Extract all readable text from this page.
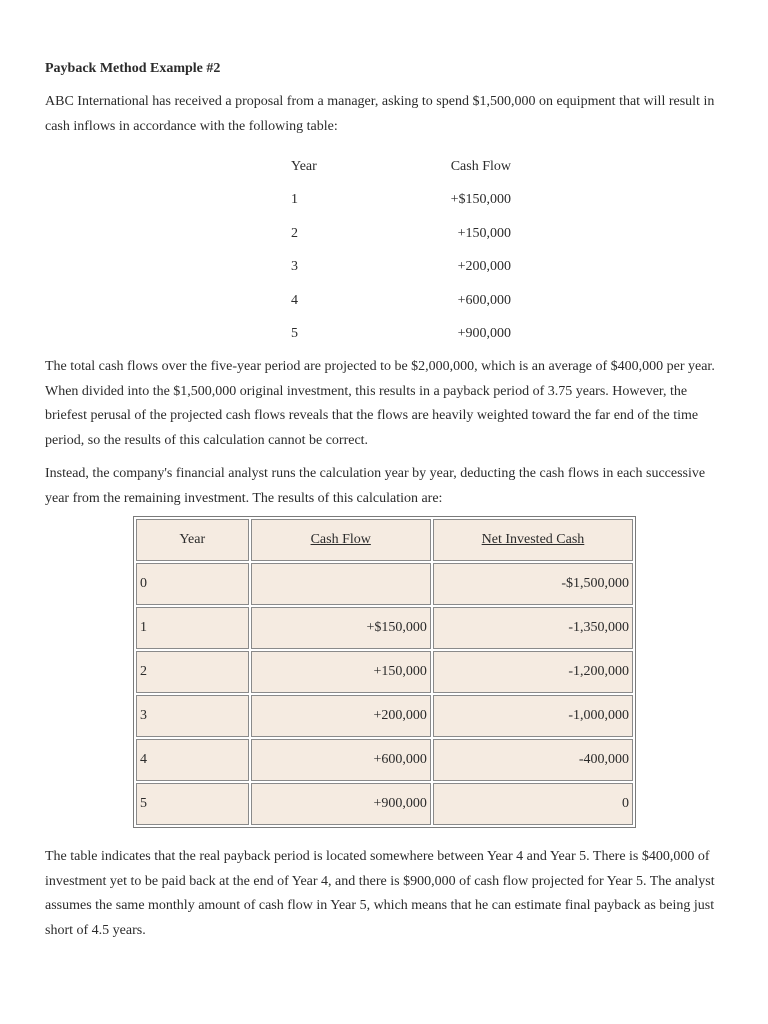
Payback Method Example #2

ABC International has received a proposal from a manager, asking to spend $1,500,000 on equipment that will result in cash inflows in accordance with the following table:

Year	Cash Flow
1	+$150,000
2	+150,000
3	+200,000
4	+600,000
5	+900,000

The total cash flows over the five-year period are projected to be $2,000,000, which is an average of $400,000 per year. When divided into the $1,500,000 original investment, this results in a payback period of 3.75 years. However, the briefest perusal of the projected cash flows reveals that the flows are heavily weighted toward the far end of the time period, so the results of this calculation cannot be correct.

Instead, the company's financial analyst runs the calculation year by year, deducting the cash flows in each successive year from the remaining investment. The results of this calculation are:

Year	Cash Flow	Net Invested Cash
0		-$1,500,000
1	+$150,000	-1,350,000
2	+150,000	-1,200,000
3	+200,000	-1,000,000
4	+600,000	-400,000
5	+900,000	0

The table indicates that the real payback period is located somewhere between Year 4 and Year 5. There is $400,000 of investment yet to be paid back at the end of Year 4, and there is $900,000 of cash flow projected for Year 5. The analyst assumes the same monthly amount of cash flow in Year 5, which means that he can estimate final payback as being just short of 4.5 years.
